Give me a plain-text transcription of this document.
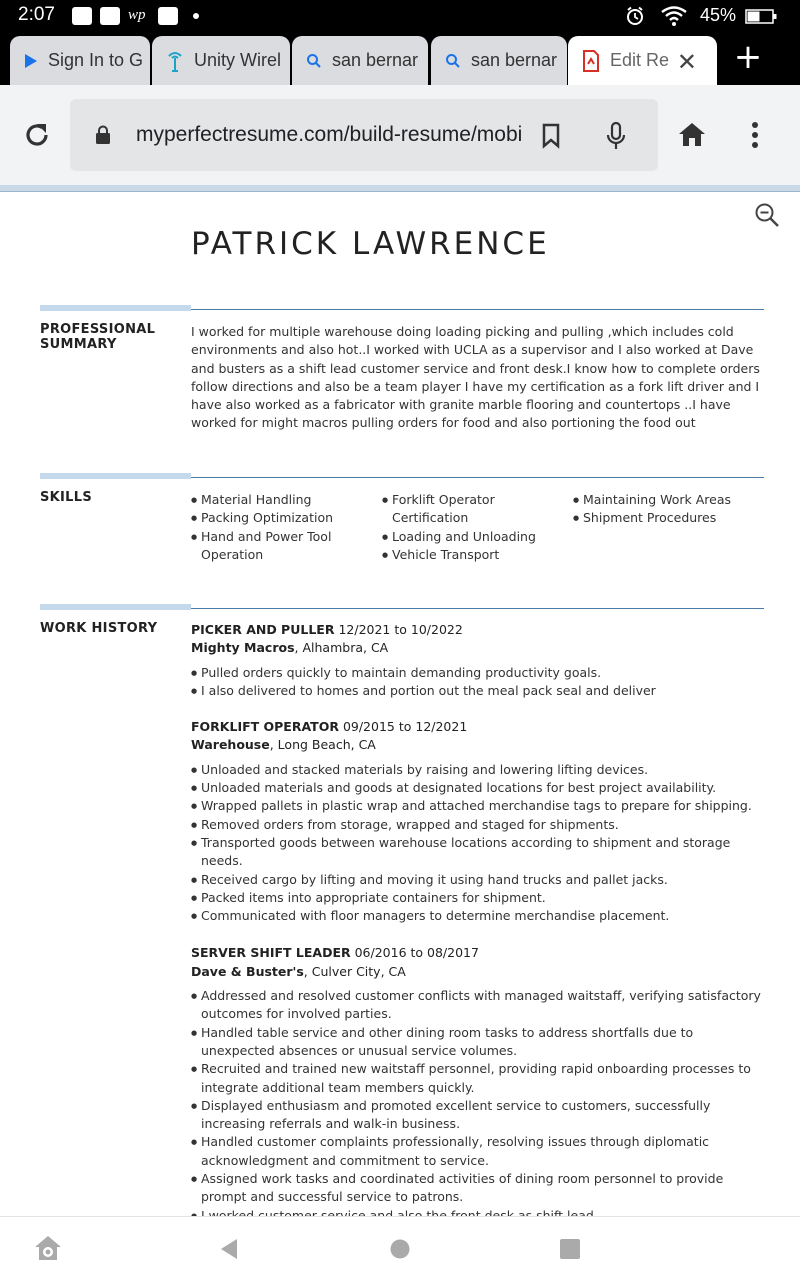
2:07	wp	45%
Sign In to G	Unity Wirel	san bernar	san bernar	Edit Re ✕ +
myperfectresume.com/build-resume/mobi
PATRICK LAWRENCE
PROFESSIONAL SUMMARY
I worked for multiple warehouse doing loading picking and pulling ,which includes cold environments and also hot..I worked with UCLA as a supervisor and I also worked at Dave and busters as a shift lead customer service and front desk.I know how to complete orders follow directions and also be a team player I have my certification as a fork lift driver and I have also worked as a fabricator with granite marble flooring and countertops ..I have worked for might macros pulling orders for food and also portioning the food out
SKILLS
●	Material Handling
● Packing Optimization
● Hand and Power Tool Operation
● Forklift Operator Certification
● Loading and Unloading
● Vehicle Transport
● Maintaining Work Areas
● Shipment Procedures
WORK HISTORY	PICKER AND PULLER 12/2021 to 10/2022
Mighty Macros, Alhambra, CA
● Pulled orders quickly to maintain demanding productivity goals.
● I also delivered to homes and portion out the meal pack seal and deliver
FORKLIFT OPERATOR 09/2015 to 12/2021
Warehouse, Long Beach, CA
● Unloaded and stacked materials by raising and lowering lifting devices.
● Unloaded materials and goods at designated locations for best project availability.
● Wrapped pallets in plastic wrap and attached merchandise tags to prepare for shipping.
● Removed orders from storage, wrapped and staged for shipments.
● Transported goods between warehouse locations according to shipment and storage needs.
● Received cargo by lifting and moving it using hand trucks and pallet jacks.
● Packed items into appropriate containers for shipment.
● Communicated with floor managers to determine merchandise placement.
SERVER SHIFT LEADER 06/2016 to 08/2017
Dave & Buster's, Culver City, CA
● Addressed and resolved customer conflicts with managed waitstaff, verifying satisfactory outcomes for involved parties.
● Handled table service and other dining room tasks to address shortfalls due to unexpected absences or unusual service volumes.
● Recruited and trained new waitstaff personnel, providing rapid onboarding processes to integrate additional team members quickly.
● Displayed enthusiasm and promoted excellent service to customers, successfully increasing referrals and walk-in business.
● Handled customer complaints professionally, resolving issues through diplomatic acknowledgment and commitment to service.
● Assigned work tasks and coordinated activities of dining room personnel to provide prompt and successful service to patrons.
●
